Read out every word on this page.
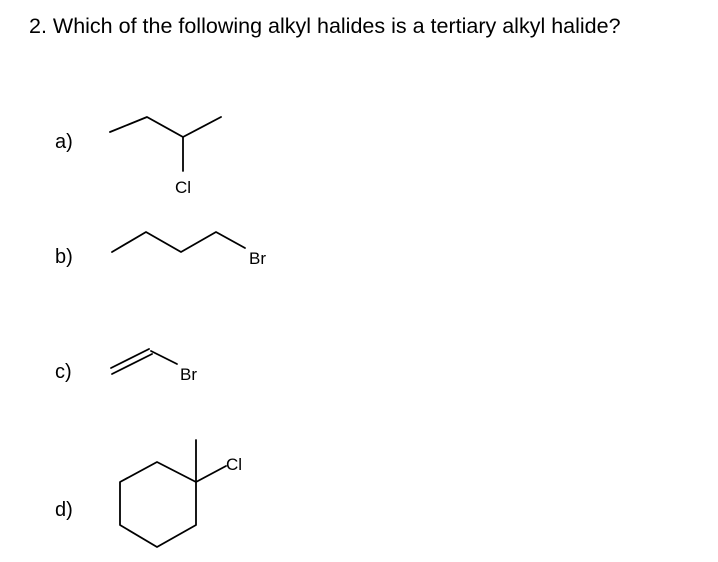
2. Which of the following alkyl halides is a tertiary alkyl halide?
a)
Cl
b)	Br
c)	Br
d)
Cl
